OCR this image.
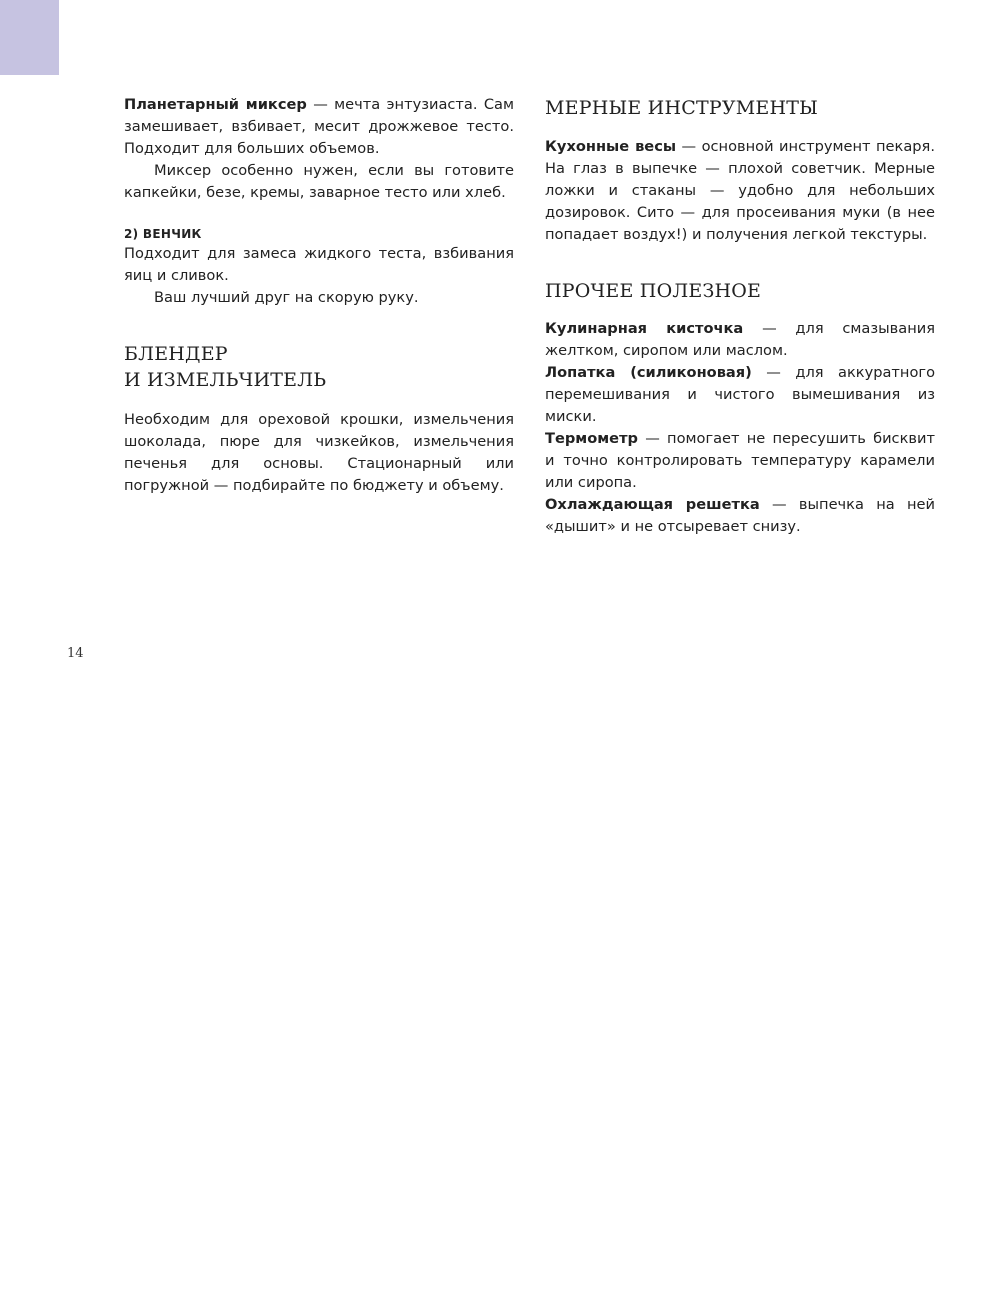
Планетарный миксер — мечта энтузиаста. Сам замешивает, взбивает, месит дрожжевое тесто. Подходит для больших объемов.

Миксер особенно нужен, если вы готовите капкейки, безе, кремы, заварное тесто или хлеб.

2) ВЕНЧИК

Подходит для замеса жидкого теста, взбивания яиц и сливок.

Ваш лучший друг на скорую руку.

БЛЕНДЕР
И ИЗМЕЛЬЧИТЕЛЬ

Необходим для ореховой крошки, измельчения шоколада, пюре для чизкейков, измельчения печенья для основы. Стационарный или погружной — подбирайте по бюджету и объему.

МЕРНЫЕ ИНСТРУМЕНТЫ

Кухонные весы — основной инструмент пекаря. На глаз в выпечке — плохой советчик. Мерные ложки и стаканы — удобно для небольших дозировок. Сито — для просеивания муки (в нее попадает воздух!) и получения легкой текстуры.

ПРОЧЕЕ ПОЛЕЗНОЕ

Кулинарная кисточка — для смазывания желтком, сиропом или маслом.

Лопатка (силиконовая) — для аккуратного перемешивания и чистого вымешивания из миски.

Термометр — помогает не пересушить бисквит и точно контролировать температуру карамели или сиропа.

Охлаждающая решетка — выпечка на ней «дышит» и не отсыревает снизу.

14
